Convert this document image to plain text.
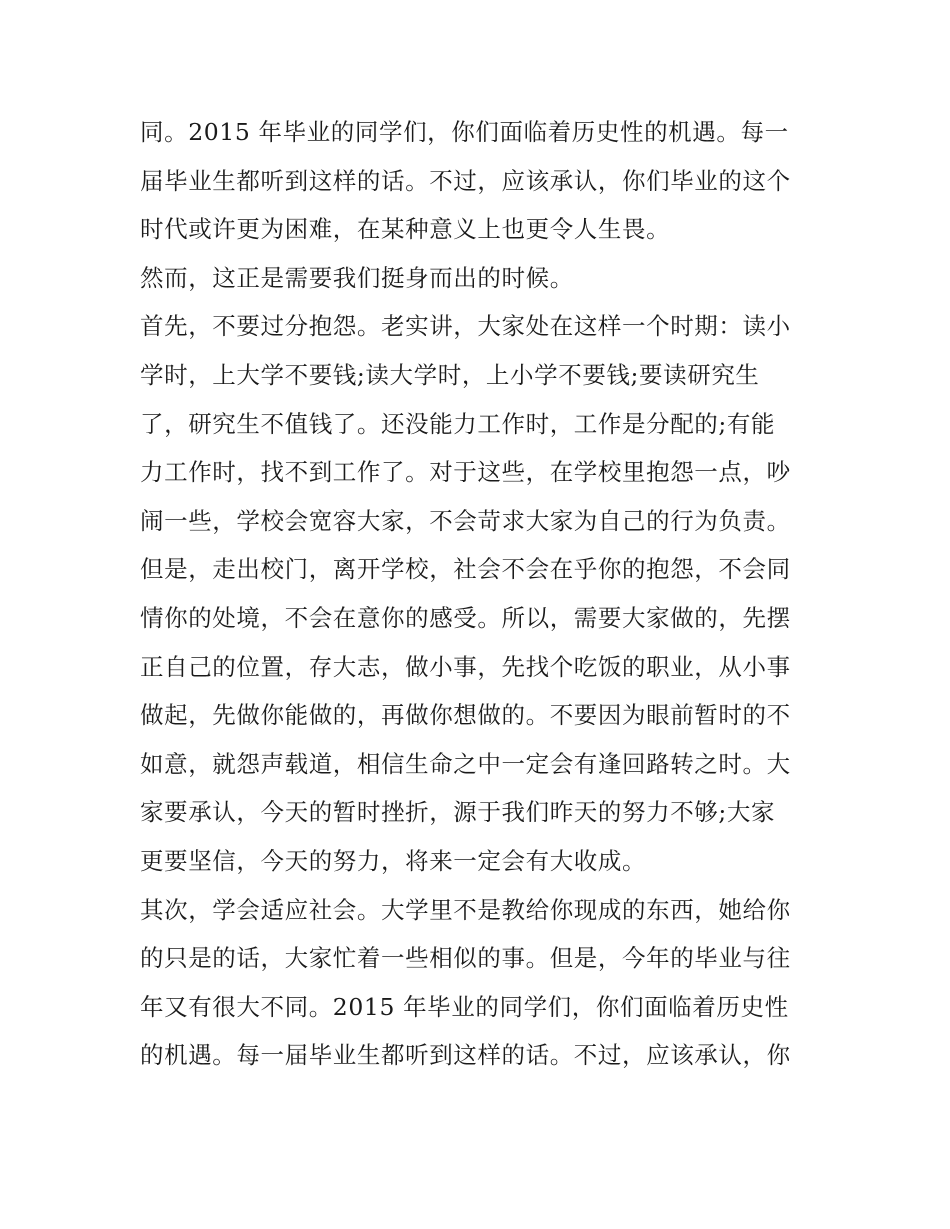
同。2015 年毕业的同学们，你们面临着历史性的机遇。每一
届毕业生都听到这样的话。不过，应该承认，你们毕业的这个
时代或许更为困难，在某种意义上也更令人生畏。
然而，这正是需要我们挺身而出的时候。
首先，不要过分抱怨。老实讲，大家处在这样一个时期：读小
学时，上大学不要钱;读大学时，上小学不要钱;要读研究生
了，研究生不值钱了。还没能力工作时，工作是分配的;有能
力工作时，找不到工作了。对于这些，在学校里抱怨一点，吵
闹一些，学校会宽容大家，不会苛求大家为自己的行为负责。
但是，走出校门，离开学校，社会不会在乎你的抱怨，不会同
情你的处境，不会在意你的感受。所以，需要大家做的，先摆
正自己的位置，存大志，做小事，先找个吃饭的职业，从小事
做起，先做你能做的，再做你想做的。不要因为眼前暂时的不
如意，就怨声载道，相信生命之中一定会有逢回路转之时。大
家要承认，今天的暂时挫折，源于我们昨天的努力不够;大家
更要坚信，今天的努力，将来一定会有大收成。
其次，学会适应社会。大学里不是教给你现成的东西，她给你
的只是的话，大家忙着一些相似的事。但是，今年的毕业与往
年又有很大不同。2015 年毕业的同学们，你们面临着历史性
的机遇。每一届毕业生都听到这样的话。不过，应该承认，你
